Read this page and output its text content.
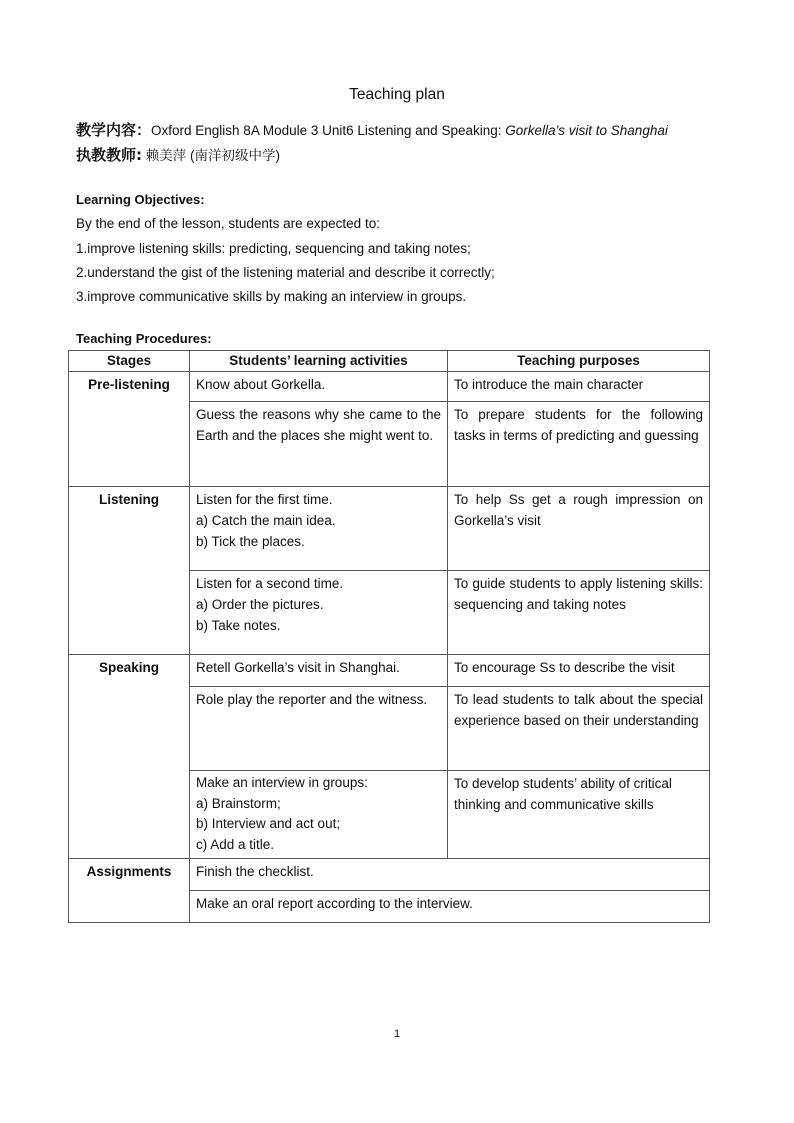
Teaching plan
教学内容：Oxford English 8A Module 3 Unit6 Listening and Speaking: Gorkella’s visit to Shanghai
执教教师: 赖美萍 (南洋初级中学)
Learning Objectives:
By the end of the lesson, students are expected to:
1.improve listening skills: predicting, sequencing and taking notes;
2.understand the gist of the listening material and describe it correctly;
3.improve communicative skills by making an interview in groups.
Teaching Procedures:
Stages	Students’ learning activities	Teaching purposes
Pre-listening	Know about Gorkella.	To introduce the main character

	Guess the reasons why she came to the Earth and the places she might went to.	To prepare students for the following tasks in terms of predicting and guessing
Listening	Listen for the first time.
a) Catch the main idea.
b) Tick the places.	To help Ss get a rough impression on Gorkella’s visit

	Listen for a second time.
a) Order the pictures.
b) Take notes.	To guide students to apply listening skills: sequencing and taking notes
Speaking	Retell Gorkella’s visit in Shanghai.	To encourage Ss to describe the visit

	Role play the reporter and the witness.	To lead students to talk about the special experience based on their understanding

	Make an interview in groups:
a) Brainstorm;
b) Interview and act out;
c) Add a title.	To develop students’ ability of critical thinking and communicative skills
Assignments	Finish the checklist.	

	Make an oral report according to the interview.	
1
